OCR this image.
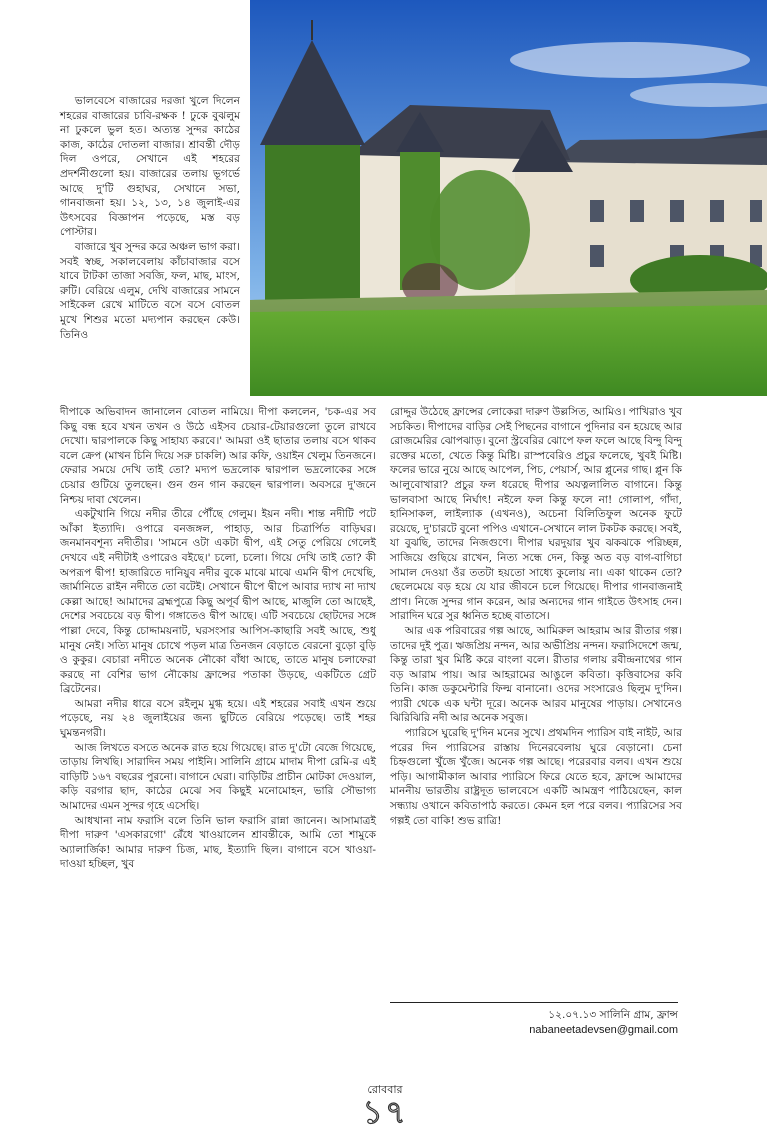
ভালবেসে বাজারের দরজা খুলে দিলেন শহরের বাজারের চাবি-রক্ষক ! ঢুকে বুঝলুম না ঢুকলে ভুল হত। অত্যন্ত সুন্দর কাঠের কাজ, কাঠের দোতলা বাজার। শ্রাবন্তী দৌড় দিল ওপরে, সেখানে এই শহরের প্রদর্শনীগুলো হয়। বাজারের তলায় ভূগর্ভে আছে দু'টি গুহাঘর, সেখানে সভা, গানবাজনা হয়। ১২, ১৩, ১৪ জুলাই-এর উৎসবের বিজ্ঞাপন পড়েছে, মস্ত বড় পোস্টার।

বাজারে খুব সুন্দর করে অঞ্চল ভাগ করা। সবই স্বচ্ছ, সকালবেলায় কাঁচাবাজার বসে যাবে টাটকা তাজা সবজি, ফল, মাছ, মাংস, রুটি। বেরিয়ে এলুম, দেখি বাজারের সামনে সাইকেল রেখে মাটিতে বসে বসে বোতল মুখে শিশুর মতো মদ্যপান করছেন কেউ। তিনিও

দীপাকে অভিবাদন জানালেন বোতল নামিয়ে। দীপা কললেন, 'চক-এর সব কিছু বন্ধ হবে যখন তখন ও উঠে এইসব চেয়ার-টেয়ারগুলো তুলে রাখবে দেখো। দ্বারপালকে কিছু সাহায্য করবে।' আমরা ওই ছাতার তলায় বসে থাকব বলে ক্রেপ (মাখন চিনি দিয়ে সরু চাকলি) আর কফি, ওয়াইন খেলুম তিনজনে। ফেরার সময়ে দেখি তাই তো? মদ্যপ ভদ্রলোক দ্বারপাল ভদ্রলোকের সঙ্গে চেয়ার গুটিয়ে তুলছেন। গুন গুন গান করছেন দ্বারপাল। অবসরে দু'জনে নিশ্চয় দাবা খেলেন।

একটুখানি গিয়ে নদীর তীরে পৌঁছে গেলুম। ইয়ন নদী। শান্ত নদীটি পটে আঁকা ইত্যাদি। ওপারে বনজঙ্গল, পাহাড়, আর চিত্রার্পিত বাড়িঘর। জনমানবশূন্য নদীতীর। 'সামনে ওটা একটা দ্বীপ, এই সেতু পেরিয়ে গেলেই দেখবে এই নদীটাই ওপারেও বইছে।' চলো, চলো। গিয়ে দেখি তাই তো? কী অপরূপ দ্বীপ! হাজারিতে দানিয়ুব নদীর বুকে মাঝে মাঝে এমনি দ্বীপ দেখেছি, জার্মানিতে রাইন নদীতে তো বটেই। সেখানে দ্বীপে দ্বীপে আবার দ্যাখ না দ্যাখ কেল্লা আছে! আমাদের ব্রহ্মপুত্রে কিছু অপূর্ব দ্বীপ আছে, মাজুলি তো আছেই, দেশের সবচেয়ে বড় দ্বীপ। গঙ্গাতেও দ্বীপ আছে। এটি সবচেয়ে ছোটদের সঙ্গে পাল্লা দেবে, কিন্তু চোদ্দাময়নাট, ঘরসংসার আপিস-কাছারি সবই আছে, শুধু মানুষ নেই। সত্যি মানুষ চোখে পড়ল মাত্র তিনজন বেড়াতে বেরনো বুড়ো বুড়ি ও কুকুর। বেচারা নদীতে অনেক নৌকো বাঁধা আছে, তাতে মানুষ চলাফেরা করছে না বেশির ভাগ নৌকোয় ফ্রান্সের পতাকা উড়ছে, একটিতে গ্রেট ব্রিটেনের।

আমরা নদীর ধারে বসে রইলুম মুগ্ধ হয়ে। এই শহরের সবাই এখন শুয়ে পড়েছে, নয় ২৪ জুলাইয়ের জন্য ছুটিতে বেরিয়ে পড়েছে। তাই শহর ঘুমন্তনগরী।

আজ লিখতে বসতে অনেক রাত হয়ে গিয়েছে। রাত দু'টো বেজে গিয়েছে, তাড়ায় লিখছি। সারাদিন সময় পাইনি। সালিনি গ্রামে মাদাম দীপা রেমি-র এই বাড়িটি ১৬৭ বছরের পুরনো। বাগানে ঘেরা। বাড়িটির প্রাচীন মোটকা দেওয়াল, কড়ি বরগার ছাদ, কাঠের মেঝে সব কিছুই মনোমোহন, ভারি সৌভাগ্য আমাদের এমন সুন্দর গৃহে এসেছি।

আধখানা নাম ফরাসি বলে তিনি ভাল ফরাসি রান্না জানেন। আসামাত্রই দীপা দারুণ 'এসকারগো' রেঁধে খাওয়ালেন শ্রাবন্তীকে, আমি তো শামুকে অ্যালার্জিক! আমার দারুণ চিজ, মাছ, ইত্যাদি ছিল। বাগানে বসে খাওয়া-দাওয়া হচ্ছিল, খুব

রোদ্দুর উঠেছে ফ্রান্সের লোকেরা দারুণ উল্লসিত, আমিও। পাখিরাও খুব সচকিত। দীপাদের বাড়ির সেই পিছনের বাগানে পুদিনার বন হয়েছে আর রোজমেরির ঝোপঝাড়। বুনো স্ট্রবেরির ঝোপে ফল ফলে আছে বিন্দু বিন্দু রক্তের মতো, খেতে কিন্তু মিষ্টি। রাস্পবেরিও প্রচুর ফলেছে, খুবই মিষ্টি। ফলের ভারে নুয়ে আছে আপেল, পিচ, পেয়ার্স, আর প্লুনের গাছ। প্লুন কি আলুবোখারা? প্রচুর ফল ধরেছে দীপার অযত্নলালিত বাগানে। কিন্তু ভালবাসা আছে নির্ঘাৎ! নইলে ফল কিন্তু ফলে না! গোলাপ, গাঁদা, হানিসাকল, লাইল্যাক (এখনও), অচেনা বিলিতিফুল অনেক ফুটে রয়েছে, দু'চারটে বুনো পপিও এখানে-সেখানে লাল টকটক করছে। সবই, যা বুঝছি, তাদের নিজগুণে। দীপার ঘরদুয়ার খুব ঝকঝকে পরিচ্ছন্ন, সাজিয়ে গুছিয়ে রাখেন, নিত্য সন্ধে দেন, কিন্তু অত বড় বাগ-বাগিচা সামাল দেওয়া ওঁর ততটা হয়তো সাধ্যে কুলোয় না। একা থাকেন তো? ছেলেমেয়ে বড় হয়ে যে যার জীবনে চলে গিয়েছে। দীপার গানবাজনাই প্রাণ। নিজে সুন্দর গান করেন, আর অন্যদের গান গাইতে উৎসাহ দেন। সারাদিন ঘরে সুর ধ্বনিত হচ্ছে বাতাসে।

আর এক পরিবারের গল্প আছে, আমিরুল আহরাম আর রীতার গল্প। তাদের দুই পুত্র। ঋজপ্রিয় নন্দন, আর অভীপ্রিয় নন্দন। ফরাসিদেশে জন্ম, কিন্তু তারা খুব মিষ্টি করে বাংলা বলে। রীতার গলায় রবীন্দ্রনাথের গান বড় আরাম পায়। আর আহরামের আঙুলে কবিতা। কৃত্তিবাসের কবি তিনি। কাজ ডকুমেন্টারি ফিল্ম বানানো। ওদের সংসারেও ছিলুম দু'দিন। প্যারী থেকে এক ঘন্টা দূরে। অনেক আরব মানুষের পাড়ায়। সেখানেও ঝিরিঝিরি নদী আর অনেক সবুজ।

প্যারিসে ঘুরেছি দু'দিন মনের সুখে। প্রথমদিন প্যারিস বাই নাইট, আর পরের দিন প্যারিসের রাস্তায় দিনেরবেলায় ঘুরে বেড়ানো। চেনা চিহ্নগুলো খুঁজে খুঁজে। অনেক গল্প আছে। পরেরবার বলব। এখন শুয়ে পড়ি। আগামীকাল আবার প্যারিসে ফিরে যেতে হবে, ফ্রান্সে আমাদের মাননীয় ভারতীয় রাষ্ট্রদূত ভালবেসে একটি আমন্ত্রণ পাঠিয়েছেন, কাল সন্ধ্যায় ওখানে কবিতাপাঠ করতে। কেমন হল পরে বলব। প্যারিসের সব গল্পই তো বাকি! শুভ রাত্রি!

১২.০৭.১৩ সালিনি গ্রাম, ফ্রান্স
nabaneetadevsen@gmail.com
রোববার
১৭
